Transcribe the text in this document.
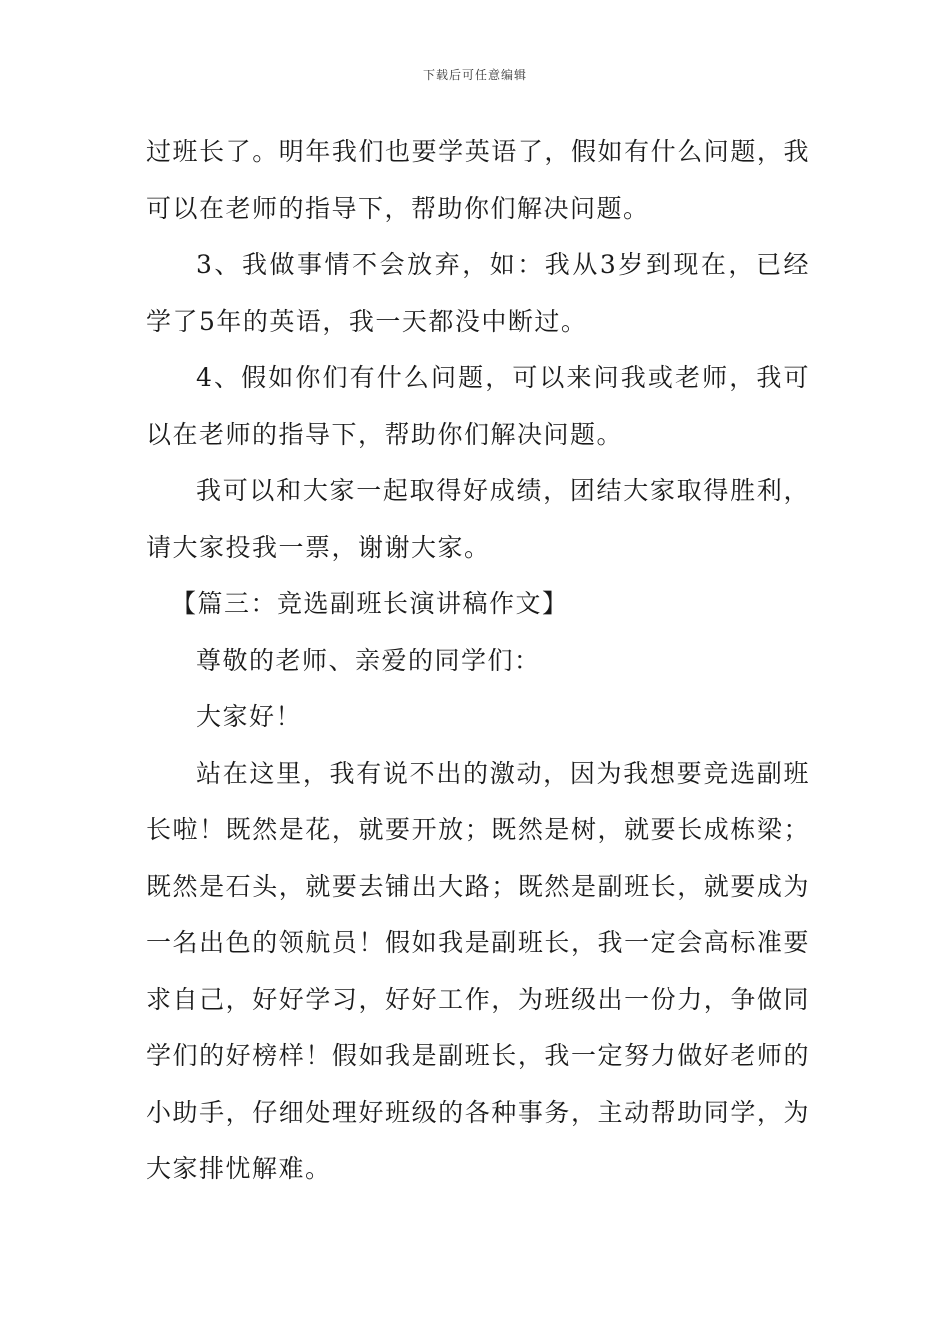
下载后可任意编辑

过班长了。明年我们也要学英语了，假如有什么问题，我可以在老师的指导下，帮助你们解决问题。

3、我做事情不会放弃，如：我从3岁到现在，已经学了5年的英语，我一天都没中断过。

4、假如你们有什么问题，可以来问我或老师，我可以在老师的指导下，帮助你们解决问题。

我可以和大家一起取得好成绩，团结大家取得胜利，请大家投我一票，谢谢大家。

【篇三：竞选副班长演讲稿作文】

尊敬的老师、亲爱的同学们：

大家好！

站在这里，我有说不出的激动，因为我想要竞选副班长啦！既然是花，就要开放；既然是树，就要长成栋梁；既然是石头，就要去铺出大路；既然是副班长，就要成为一名出色的领航员！假如我是副班长，我一定会高标准要求自己，好好学习，好好工作，为班级出一份力，争做同学们的好榜样！假如我是副班长，我一定努力做好老师的小助手，仔细处理好班级的各种事务，主动帮助同学，为大家排忧解难。
